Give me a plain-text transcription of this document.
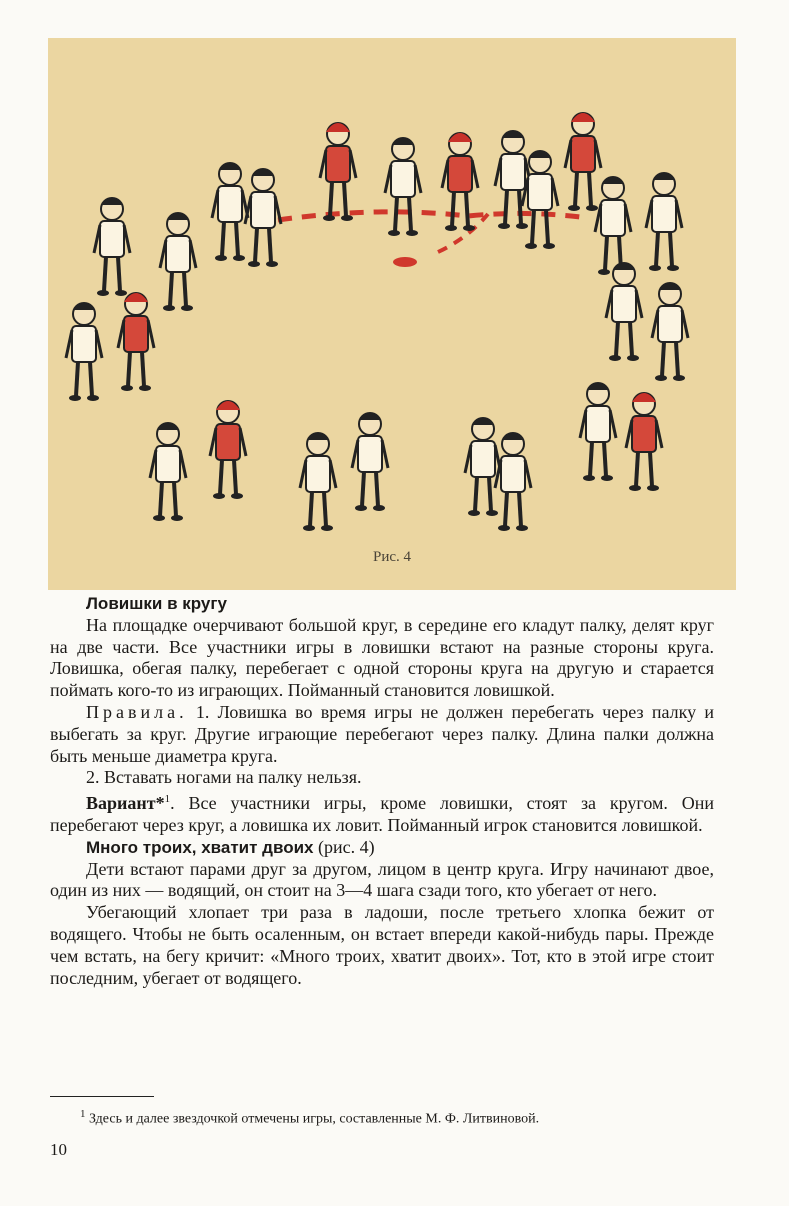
Рис. 4
Ловишки в кругу

На площадке очерчивают большой круг, в середине его кладут палку, делят круг на две части. Все участники игры в ловишки встают на разные стороны круга. Ловишка, обегая палку, перебегает с одной стороны круга на другую и старается поймать кого-то из играющих. Пойманный становится ловишкой.

Правила. 1. Ловишка во время игры не должен перебегать через палку и выбегать за круг. Другие играющие перебегают через палку. Длина палки должна быть меньше диаметра круга.

2. Вставать ногами на палку нельзя.

Вариант*$^1$. Все участники игры, кроме ловишки, стоят за кругом. Они перебегают через круг, а ловишка их ловит. Пойманный игрок становится ловишкой.

Много троих, хватит двоих (рис. 4)

Дети встают парами друг за другом, лицом в центр круга. Игру начинают двое, один из них — водящий, он стоит на 3—4 шага сзади того, кто убегает от него.

Убегающий хлопает три раза в ладоши, после третьего хлопка бежит от водящего. Чтобы не быть осаленным, он встает впереди какой-нибудь пары. Прежде чем встать, на бегу кричит: «Много троих, хватит двоих». Тот, кто в этой игре стоит последним, убегает от водящего.

$^1$ Здесь и далее звездочкой отмечены игры, составленные М. Ф. Литвиновой.
10
